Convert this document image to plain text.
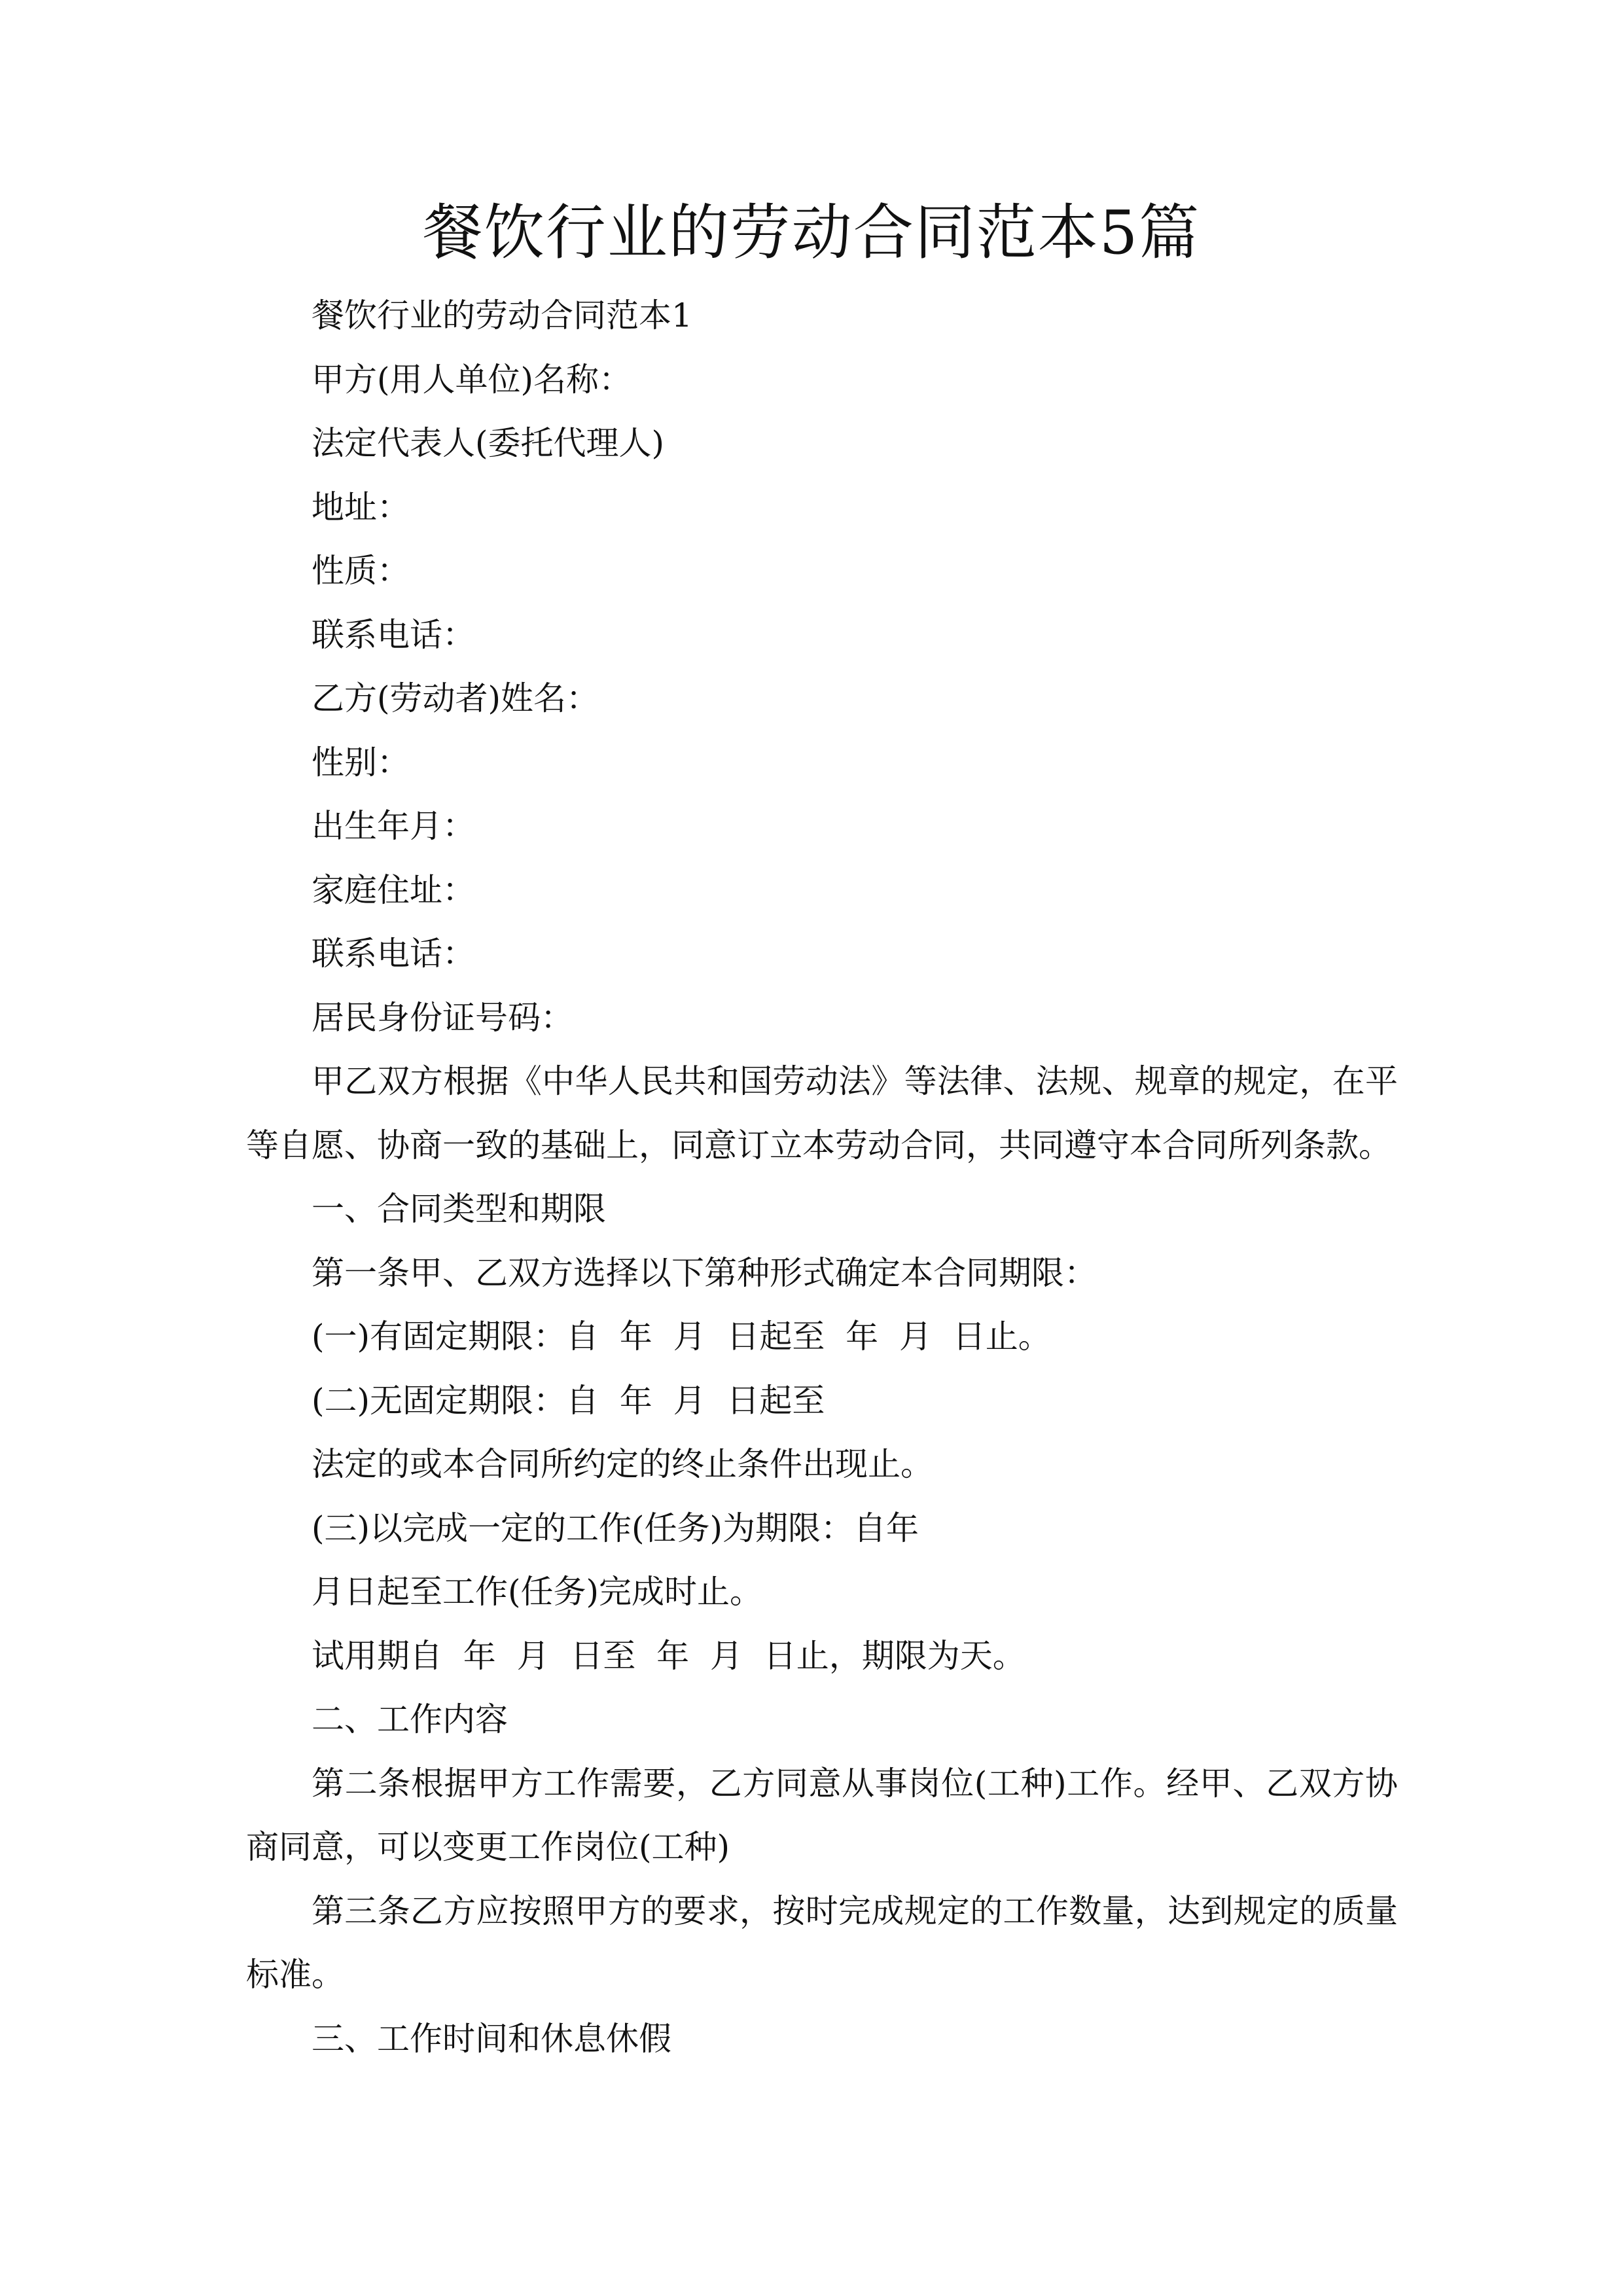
餐饮行业的劳动合同范本5篇

餐饮行业的劳动合同范本1

甲方(用人单位)名称：

法定代表人(委托代理人)

地址：

性质：

联系电话：

乙方(劳动者)姓名：

性别：

出生年月：

家庭住址：

联系电话：

居民身份证号码：

甲乙双方根据《中华人民共和国劳动法》等法律、法规、规章的规定，在平等自愿、协商一致的基础上，同意订立本劳动合同，共同遵守本合同所列条款。

一、合同类型和期限

第一条甲、乙双方选择以下第种形式确定本合同期限：

(一)有固定期限：自  年  月  日起至  年  月  日止。

(二)无固定期限：自  年  月  日起至

法定的或本合同所约定的终止条件出现止。

(三)以完成一定的工作(任务)为期限：自年

月日起至工作(任务)完成时止。

试用期自  年  月  日至  年  月  日止，期限为天。

二、工作内容

第二条根据甲方工作需要，乙方同意从事岗位(工种)工作。经甲、乙双方协商同意，可以变更工作岗位(工种)

第三条乙方应按照甲方的要求，按时完成规定的工作数量，达到规定的质量标准。

三、工作时间和休息休假
